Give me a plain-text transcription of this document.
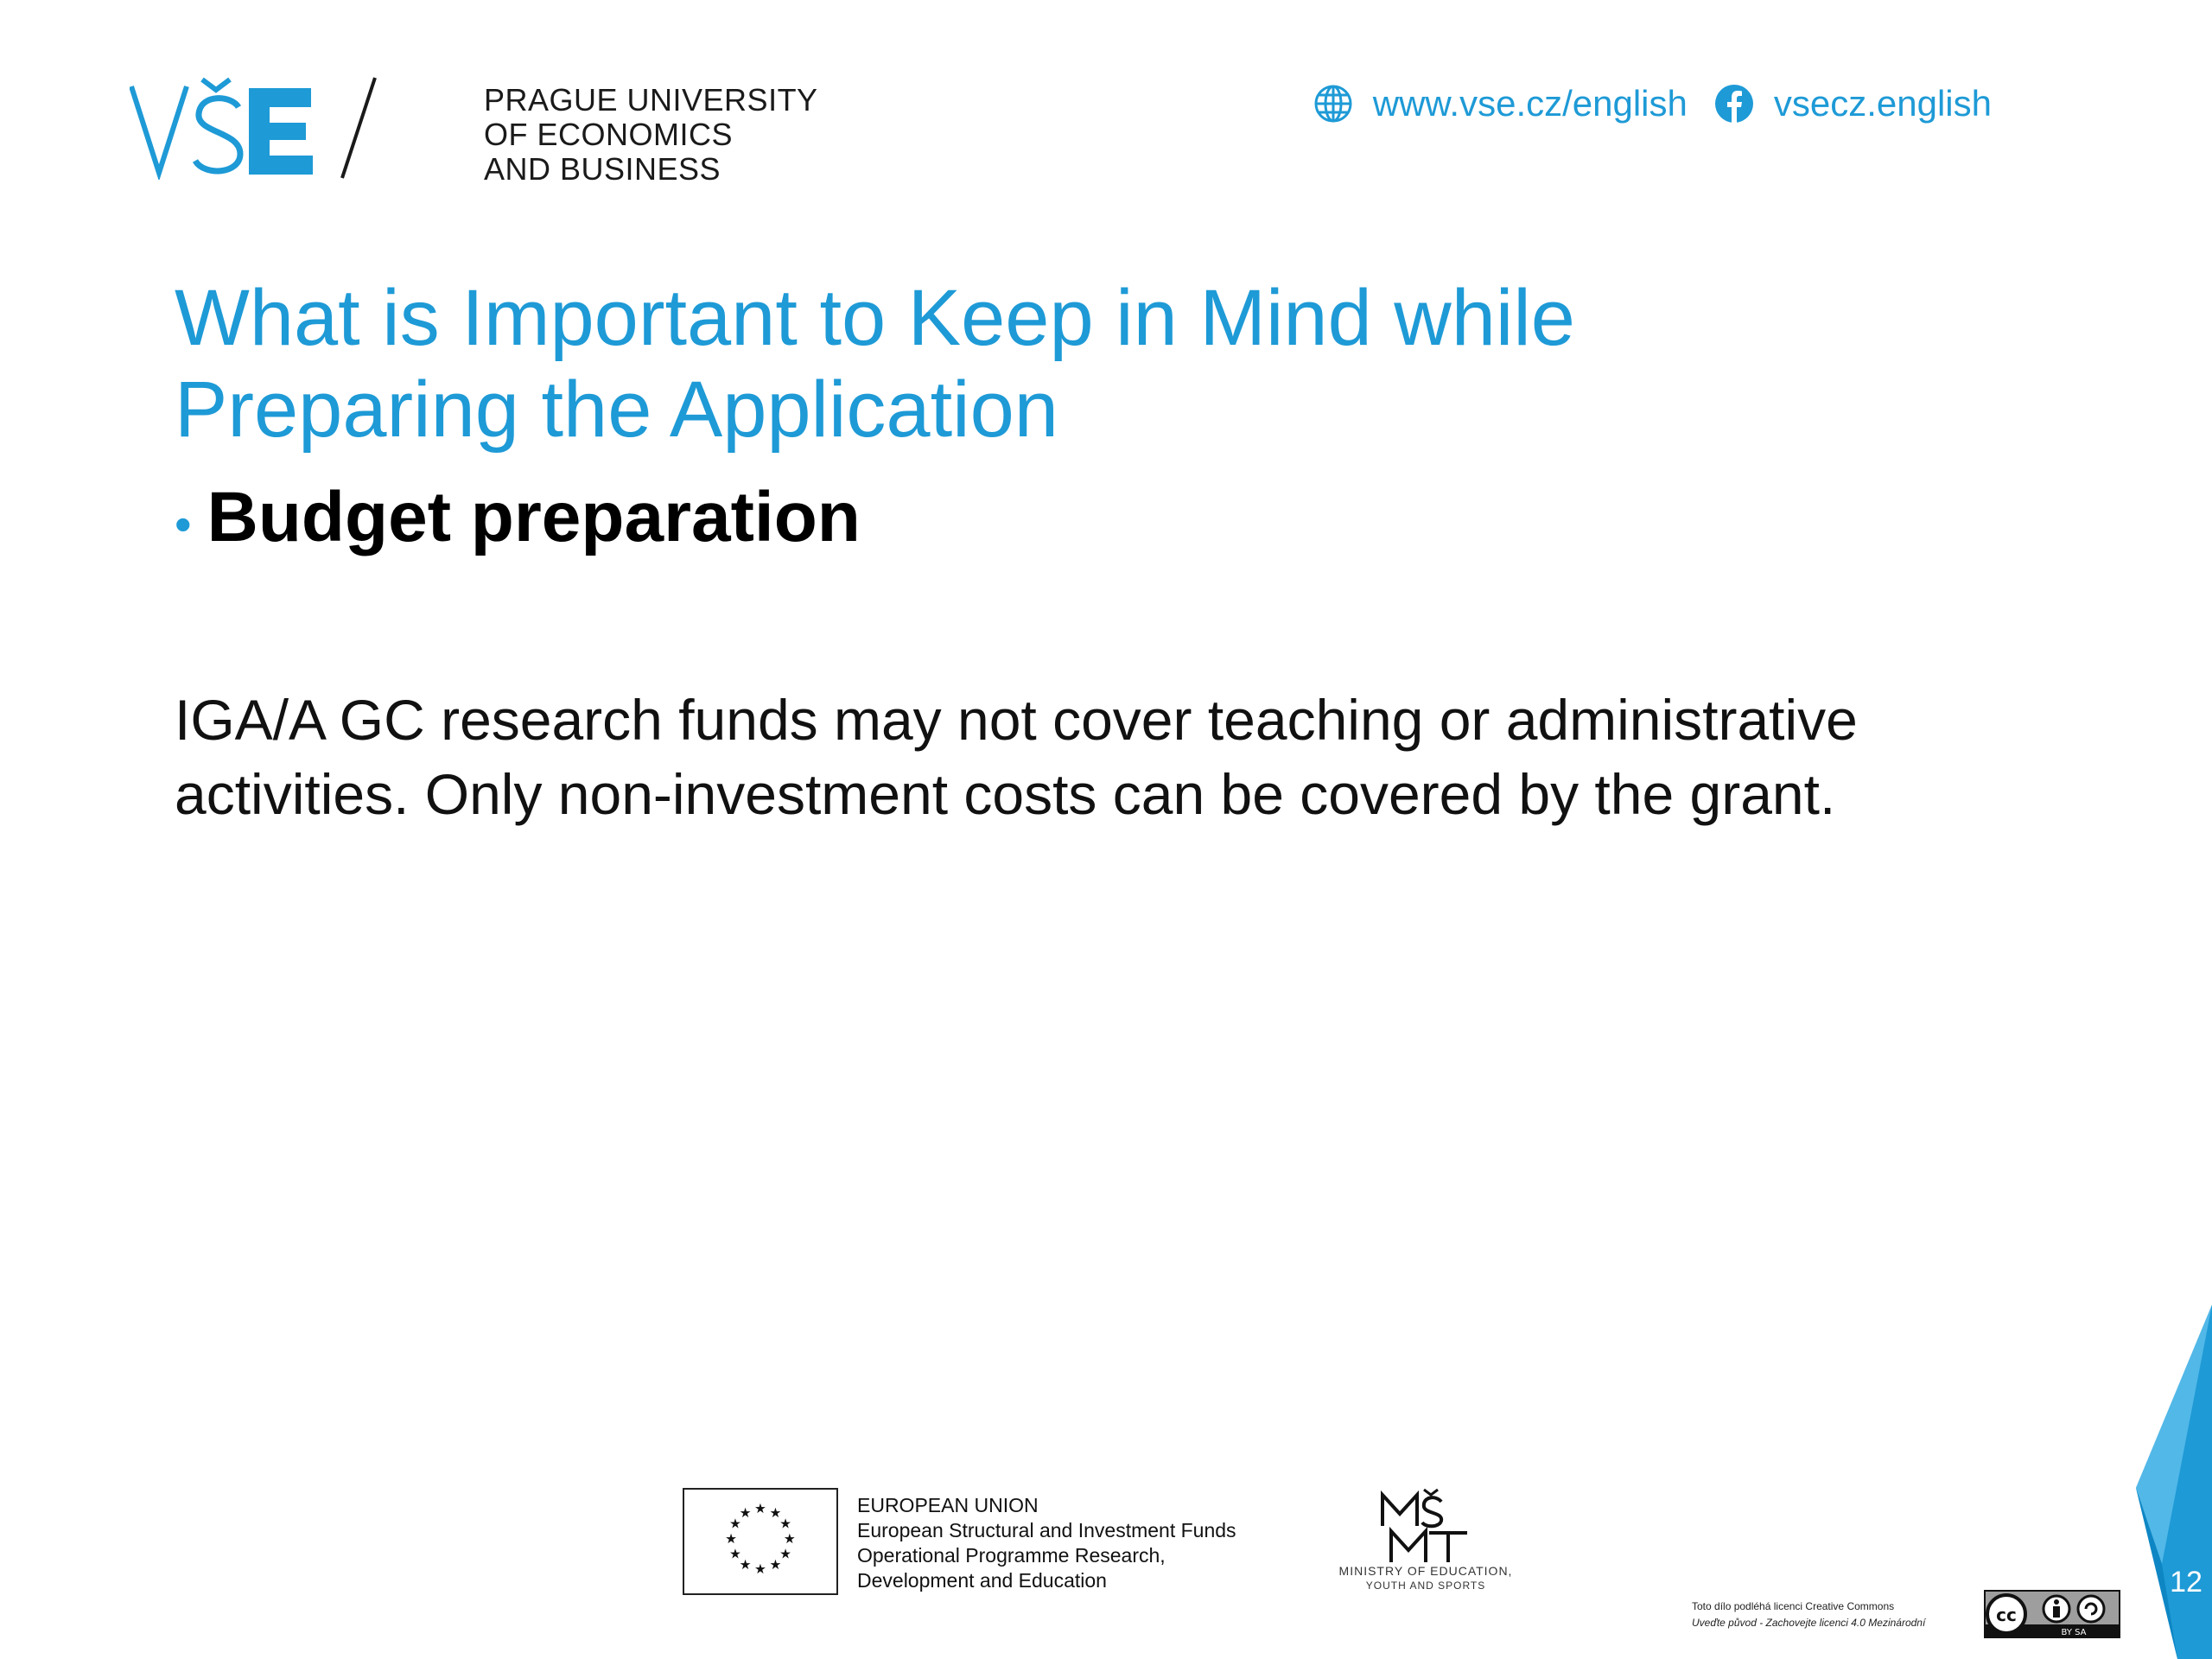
PRAGUE UNIVERSITY
OF ECONOMICS
AND BUSINESS
www.vse.cz/english vsecz.english
What is Important to Keep in Mind while
Preparing the Application
• Budget preparation

IGA/A GC research funds may not cover teaching or administrative
activities. Only non-investment costs can be covered by the grant.

★ ★
★
★
★
★
★
★
★
★
★
★	EUROPEAN UNION
European Structural and Investment Funds
Operational Programme Research,
Development and Education	MINISTRY OF EDUCATION,
YOUTH AND SPORTS
Toto dílo podléhá licenci Creative Commons
Uveďte původ - Zachovejte licenci 4.0 Mezinárodní	cc
BY SA
12
